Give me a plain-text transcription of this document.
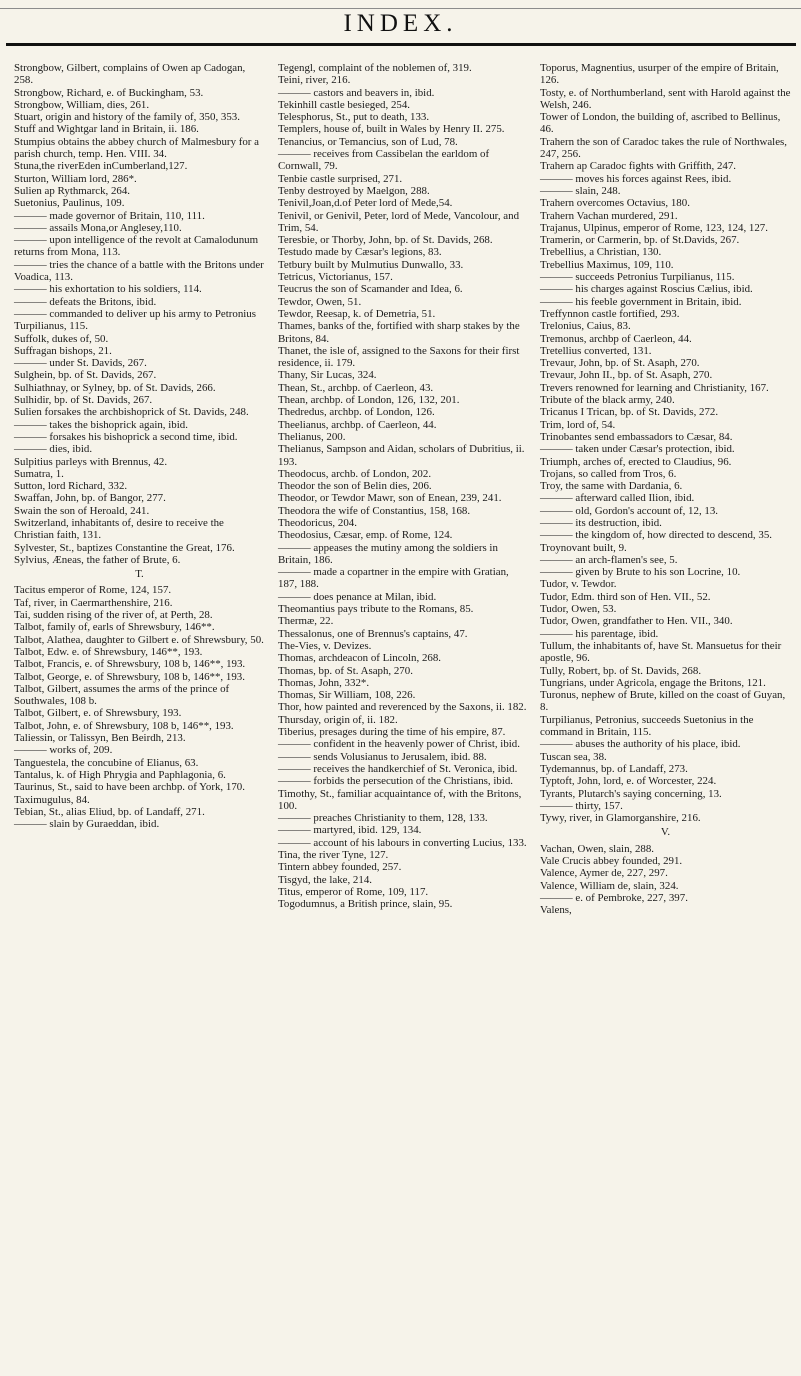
INDEX.

Strongbow, Gilbert, complains of Owen ap Cadogan, 258.

Strongbow, Richard, e. of Buckingham, 53.

Strongbow, William, dies, 261.

Stuart, origin and history of the family of, 350, 353.

Stuff and Wightgar land in Britain, ii. 186.

Stumpius obtains the abbey church of Malmesbury for a parish church, temp. Hen. VIII. 34.

Stuna,the riverEden inCumberland,127.

Sturton, William lord, 286*.

Sulien ap Rythmarck, 264.

Suetonius, Paulinus, 109.

——— made governor of Britain, 110, 111.

——— assails Mona,or Anglesey,110.

——— upon intelligence of the revolt at Camalodunum returns from Mona, 113.

——— tries the chance of a battle with the Britons under Voadica, 113.

——— his exhortation to his soldiers, 114.

——— defeats the Britons, ibid.

——— commanded to deliver up his army to Petronius Turpilianus, 115.

Suffolk, dukes of, 50.

Suffragan bishops, 21.

——— under St. Davids, 267.

Sulghein, bp. of St. Davids, 267.

Sulhiathnay, or Sylney, bp. of St. Davids, 266.

Sulhidir, bp. of St. Davids, 267.

Sulien forsakes the archbishoprick of St. Davids, 248.

——— takes the bishoprick again, ibid.

——— forsakes his bishoprick a second time, ibid.

——— dies, ibid.

Sulpitius parleys with Brennus, 42.

Sumatra, 1.

Sutton, lord Richard, 332.

Swaffan, John, bp. of Bangor, 277.

Swain the son of Heroald, 241.

Switzerland, inhabitants of, desire to receive the Christian faith, 131.

Sylvester, St., baptizes Constantine the Great, 176.

Sylvius, Æneas, the father of Brute, 6.

T.

Tacitus emperor of Rome, 124, 157.

Taf, river, in Caermarthenshire, 216.

Tai, sudden rising of the river of, at Perth, 28.

Talbot, family of, earls of Shrewsbury, 146**.

Talbot, Alathea, daughter to Gilbert e. of Shrewsbury, 50.

Talbot, Edw. e. of Shrewsbury, 146**, 193.

Talbot, Francis, e. of Shrewsbury, 108 b, 146**, 193.

Talbot, George, e. of Shrewsbury, 108 b, 146**, 193.

Talbot, Gilbert, assumes the arms of the prince of Southwales, 108 b.

Talbot, Gilbert, e. of Shrewsbury, 193.

Talbot, John, e. of Shrewsbury, 108 b, 146**, 193.

Taliessin, or Talissyn, Ben Beirdh, 213.

——— works of, 209.

Tanguestela, the concubine of Elianus, 63.

Tantalus, k. of High Phrygia and Paphlagonia, 6.

Taurinus, St., said to have been archbp. of York, 170.

Taximugulus, 84.

Tebian, St., alias Eliud, bp. of Landaff, 271.

——— slain by Guraeddan, ibid.

Tegengl, complaint of the noblemen of, 319.

Teini, river, 216.

——— castors and beavers in, ibid.

Tekinhill castle besieged, 254.

Telesphorus, St., put to death, 133.

Templers, house of, built in Wales by Henry II. 275.

Tenancius, or Temancius, son of Lud, 78.

——— receives from Cassibelan the earldom of Cornwall, 79.

Tenbie castle surprised, 271.

Tenby destroyed by Maelgon, 288.

Tenivil,Joan,d.of Peter lord of Mede,54.

Tenivil, or Genivil, Peter, lord of Mede, Vancolour, and Trim, 54.

Teresbie, or Thorby, John, bp. of St. Davids, 268.

Testudo made by Cæsar's legions, 83.

Tetbury built by Mulmutius Dunwallo, 33.

Tetricus, Victorianus, 157.

Teucrus the son of Scamander and Idea, 6.

Tewdor, Owen, 51.

Tewdor, Reesap, k. of Demetria, 51.

Thames, banks of the, fortified with sharp stakes by the Britons, 84.

Thanet, the isle of, assigned to the Saxons for their first residence, ii. 179.

Thany, Sir Lucas, 324.

Thean, St., archbp. of Caerleon, 43.

Thean, archbp. of London, 126, 132, 201.

Thedredus, archbp. of London, 126.

Theelianus, archbp. of Caerleon, 44.

Thelianus, 200.

Thelianus, Sampson and Aidan, scholars of Dubritius, ii. 193.

Theodocus, archb. of London, 202.

Theodor the son of Belin dies, 206.

Theodor, or Tewdor Mawr, son of Enean, 239, 241.

Theodora the wife of Constantius, 158, 168.

Theodoricus, 204.

Theodosius, Cæsar, emp. of Rome, 124.

——— appeases the mutiny among the soldiers in Britain, 186.

——— made a copartner in the empire with Gratian, 187, 188.

——— does penance at Milan, ibid.

Theomantius pays tribute to the Romans, 85.

Thermæ, 22.

Thessalonus, one of Brennus's captains, 47.

The-Vies, v. Devizes.

Thomas, archdeacon of Lincoln, 268.

Thomas, bp. of St. Asaph, 270.

Thomas, John, 332*.

Thomas, Sir William, 108, 226.

Thor, how painted and reverenced by the Saxons, ii. 182.

Thursday, origin of, ii. 182.

Tiberius, presages during the time of his empire, 87.

——— confident in the heavenly power of Christ, ibid.

——— sends Volusianus to Jerusalem, ibid. 88.

——— receives the handkerchief of St. Veronica, ibid.

——— forbids the persecution of the Christians, ibid.

Timothy, St., familiar acquaintance of, with the Britons, 100.

——— preaches Christianity to them, 128, 133.

——— martyred, ibid. 129, 134.

——— account of his labours in converting Lucius, 133.

Tina, the river Tyne, 127.

Tintern abbey founded, 257.

Tisgyd, the lake, 214.

Titus, emperor of Rome, 109, 117.

Togodumnus, a British prince, slain, 95.

Toporus, Magnentius, usurper of the empire of Britain, 126.

Tosty, e. of Northumberland, sent with Harold against the Welsh, 246.

Tower of London, the building of, ascribed to Bellinus, 46.

Trahern the son of Caradoc takes the rule of Northwales, 247, 256.

Trahern ap Caradoc fights with Griffith, 247.

——— moves his forces against Rees, ibid.

——— slain, 248.

Trahern overcomes Octavius, 180.

Trahern Vachan murdered, 291.

Trajanus, Ulpinus, emperor of Rome, 123, 124, 127.

Tramerin, or Carmerin, bp. of St.Davids, 267.

Trebellius, a Christian, 130.

Trebellius Maximus, 109, 110.

——— succeeds Petronius Turpilianus, 115.

——— his charges against Roscius Cælius, ibid.

——— his feeble government in Britain, ibid.

Treffynnon castle fortified, 293.

Trelonius, Caius, 83.

Tremonus, archbp of Caerleon, 44.

Tretellius converted, 131.

Trevaur, John, bp. of St. Asaph, 270.

Trevaur, John II., bp. of St. Asaph, 270.

Trevers renowned for learning and Christianity, 167.

Tribute of the black army, 240.

Tricanus I Trican, bp. of St. Davids, 272.

Trim, lord of, 54.

Trinobantes send embassadors to Cæsar, 84.

——— taken under Cæsar's protection, ibid.

Triumph, arches of, erected to Claudius, 96.

Trojans, so called from Tros, 6.

Troy, the same with Dardania, 6.

——— afterward called Ilion, ibid.

——— old, Gordon's account of, 12, 13.

——— its destruction, ibid.

——— the kingdom of, how directed to descend, 35.

Troynovant built, 9.

——— an arch-flamen's see, 5.

——— given by Brute to his son Locrine, 10.

Tudor, v. Tewdor.

Tudor, Edm. third son of Hen. VII., 52.

Tudor, Owen, 53.

Tudor, Owen, grandfather to Hen. VII., 340.

——— his parentage, ibid.

Tullum, the inhabitants of, have St. Mansuetus for their apostle, 96.

Tully, Robert, bp. of St. Davids, 268.

Tungrians, under Agricola, engage the Britons, 121.

Turonus, nephew of Brute, killed on the coast of Guyan, 8.

Turpilianus, Petronius, succeeds Suetonius in the command in Britain, 115.

——— abuses the authority of his place, ibid.

Tuscan sea, 38.

Tydemannus, bp. of Landaff, 273.

Typtoft, John, lord, e. of Worcester, 224.

Tyrants, Plutarch's saying concerning, 13.

——— thirty, 157.

Tywy, river, in Glamorganshire, 216.

V.

Vachan, Owen, slain, 288.

Vale Crucis abbey founded, 291.

Valence, Aymer de, 227, 297.

Valence, William de, slain, 324.

——— e. of Pembroke, 227, 397.

Valens,
